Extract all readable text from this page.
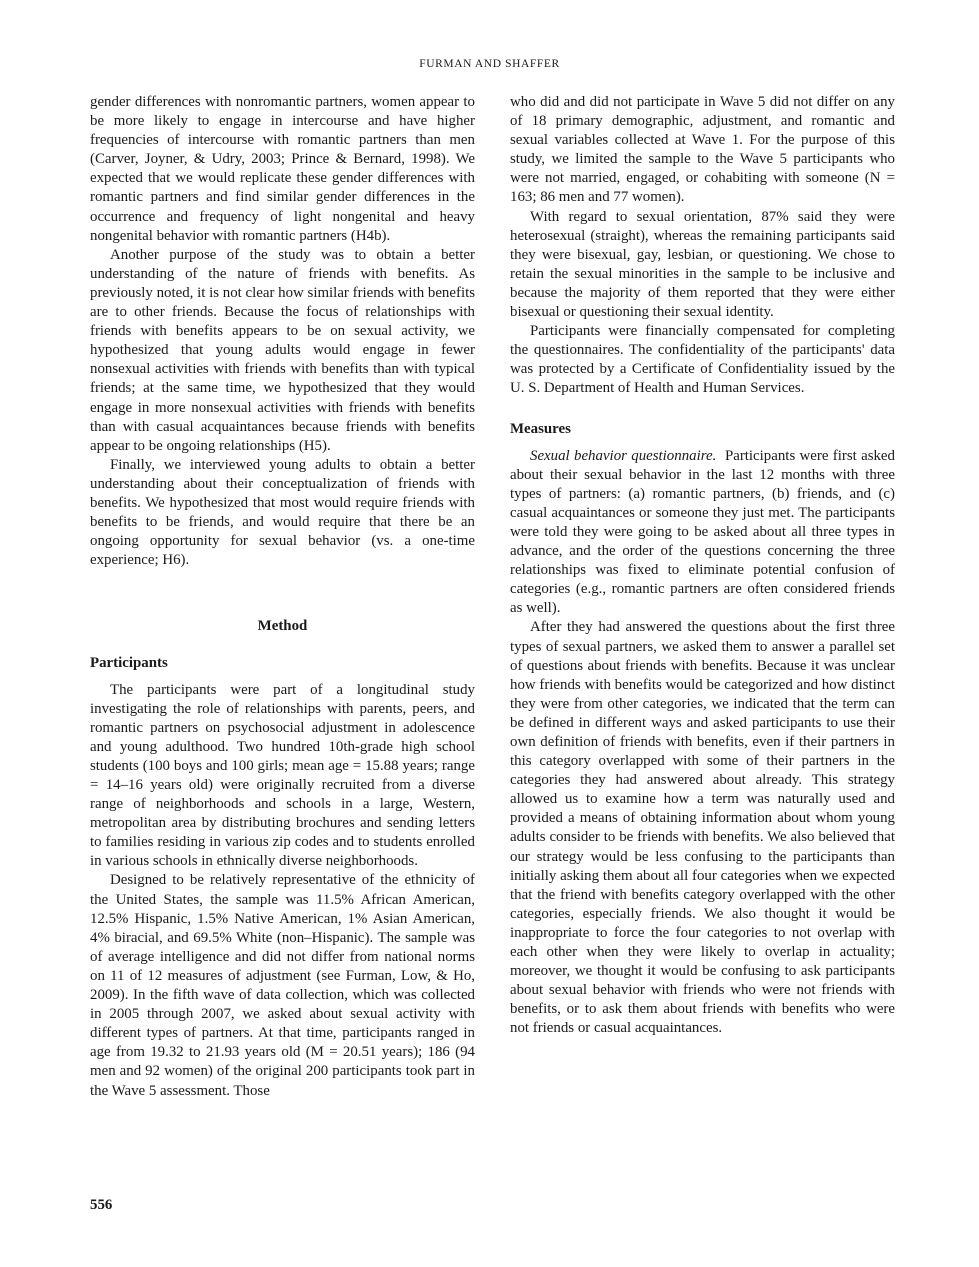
FURMAN AND SHAFFER

gender differences with nonromantic partners, women appear to be more likely to engage in intercourse and have higher frequencies of intercourse with romantic partners than men (Carver, Joyner, & Udry, 2003; Prince & Bernard, 1998). We expected that we would replicate these gender differences with romantic partners and find similar gender differences in the occurrence and frequency of light nongenital and heavy nongenital behavior with romantic partners (H4b).

Another purpose of the study was to obtain a better understanding of the nature of friends with benefits. As previously noted, it is not clear how similar friends with benefits are to other friends. Because the focus of relationships with friends with benefits appears to be on sexual activity, we hypothesized that young adults would engage in fewer nonsexual activities with friends with benefits than with typical friends; at the same time, we hypothesized that they would engage in more nonsexual activities with friends with benefits than with casual acquaintances because friends with benefits appear to be ongoing relationships (H5).

Finally, we interviewed young adults to obtain a better understanding about their conceptualization of friends with benefits. We hypothesized that most would require friends with benefits to be friends, and would require that there be an ongoing opportunity for sexual behavior (vs. a one-time experience; H6).

Method

Participants

The participants were part of a longitudinal study investigating the role of relationships with parents, peers, and romantic partners on psychosocial adjustment in adolescence and young adulthood. Two hundred 10th-grade high school students (100 boys and 100 girls; mean age = 15.88 years; range = 14–16 years old) were originally recruited from a diverse range of neighborhoods and schools in a large, Western, metropolitan area by distributing brochures and sending letters to families residing in various zip codes and to students enrolled in various schools in ethnically diverse neighborhoods.

Designed to be relatively representative of the ethnicity of the United States, the sample was 11.5% African American, 12.5% Hispanic, 1.5% Native American, 1% Asian American, 4% biracial, and 69.5% White (non–Hispanic). The sample was of average intelligence and did not differ from national norms on 11 of 12 measures of adjustment (see Furman, Low, & Ho, 2009). In the fifth wave of data collection, which was collected in 2005 through 2007, we asked about sexual activity with different types of partners. At that time, participants ranged in age from 19.32 to 21.93 years old (M = 20.51 years); 186 (94 men and 92 women) of the original 200 participants took part in the Wave 5 assessment. Those

who did and did not participate in Wave 5 did not differ on any of 18 primary demographic, adjustment, and romantic and sexual variables collected at Wave 1. For the purpose of this study, we limited the sample to the Wave 5 participants who were not married, engaged, or cohabiting with someone (N = 163; 86 men and 77 women).

With regard to sexual orientation, 87% said they were heterosexual (straight), whereas the remaining participants said they were bisexual, gay, lesbian, or questioning. We chose to retain the sexual minorities in the sample to be inclusive and because the majority of them reported that they were either bisexual or questioning their sexual identity.

Participants were financially compensated for completing the questionnaires. The confidentiality of the participants' data was protected by a Certificate of Confidentiality issued by the U. S. Department of Health and Human Services.

Measures

Sexual behavior questionnaire. Participants were first asked about their sexual behavior in the last 12 months with three types of partners: (a) romantic partners, (b) friends, and (c) casual acquaintances or someone they just met. The participants were told they were going to be asked about all three types in advance, and the order of the questions concerning the three relationships was fixed to eliminate potential confusion of categories (e.g., romantic partners are often considered friends as well).

After they had answered the questions about the first three types of sexual partners, we asked them to answer a parallel set of questions about friends with benefits. Because it was unclear how friends with benefits would be categorized and how distinct they were from other categories, we indicated that the term can be defined in different ways and asked participants to use their own definition of friends with benefits, even if their partners in this category overlapped with some of their partners in the categories they had answered about already. This strategy allowed us to examine how a term was naturally used and provided a means of obtaining information about whom young adults consider to be friends with benefits. We also believed that our strategy would be less confusing to the participants than initially asking them about all four categories when we expected that the friend with benefits category overlapped with the other categories, especially friends. We also thought it would be inappropriate to force the four categories to not overlap with each other when they were likely to overlap in actuality; moreover, we thought it would be confusing to ask participants about sexual behavior with friends who were not friends with benefits, or to ask them about friends with benefits who were not friends or casual acquaintances.

556
